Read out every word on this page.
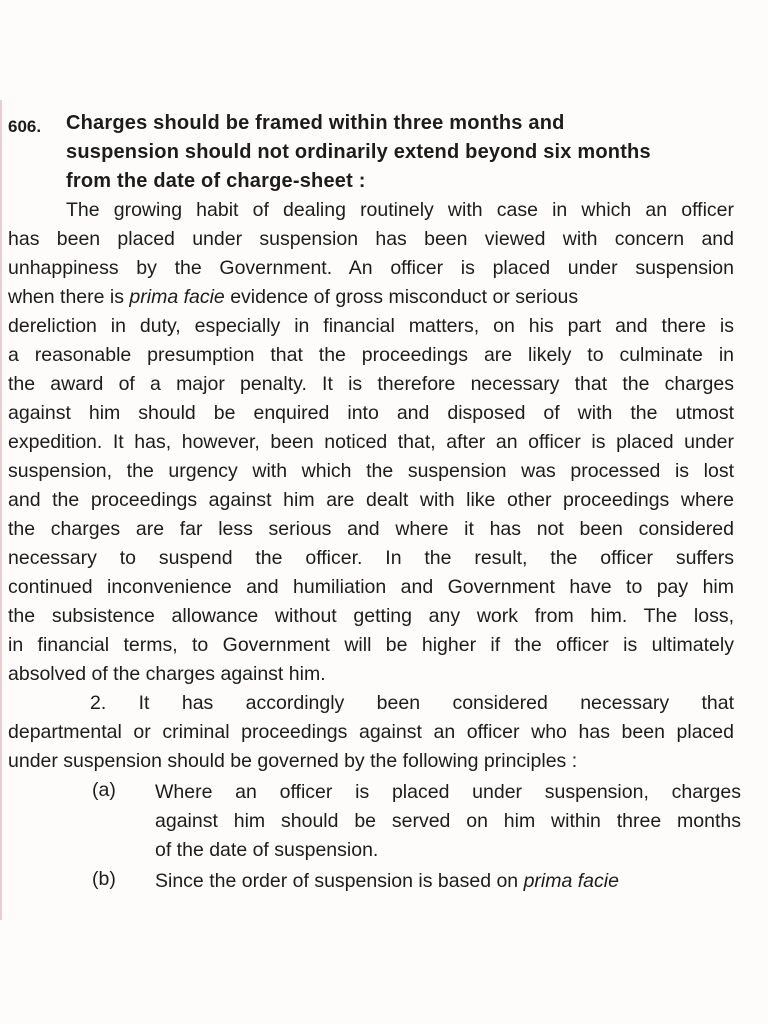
606. Charges should be framed within three months and
suspension should not ordinarily extend beyond six months
from the date of charge-sheet :
The growing habit of dealing routinely with case in which an officer
has been placed under suspension has been viewed with concern and
unhappiness by the Government. An officer is placed under suspension
when there is prima facie evidence of gross misconduct or serious
dereliction in duty, especially in financial matters, on his part and there is
a reasonable presumption that the proceedings are likely to culminate in
the award of a major penalty. It is therefore necessary that the charges
against him should be enquired into and disposed of with the utmost
expedition. It has, however, been noticed that, after an officer is placed under
suspension, the urgency with which the suspension was processed is lost
and the proceedings against him are dealt with like other proceedings where
the charges are far less serious and where it has not been considered
necessary to suspend the officer. In the result, the officer suffers
continued inconvenience and humiliation and Government have to pay him
the subsistence allowance without getting any work from him. The loss,
in financial terms, to Government will be higher if the officer is ultimately
absolved of the charges against him.
2. It has accordingly been considered necessary that
departmental or criminal proceedings against an officer who has been placed
under suspension should be governed by the following principles :
(a) Where an officer is placed under suspension, charges
against him should be served on him within three months
of the date of suspension.
(b) Since the order of suspension is based on prima facie
